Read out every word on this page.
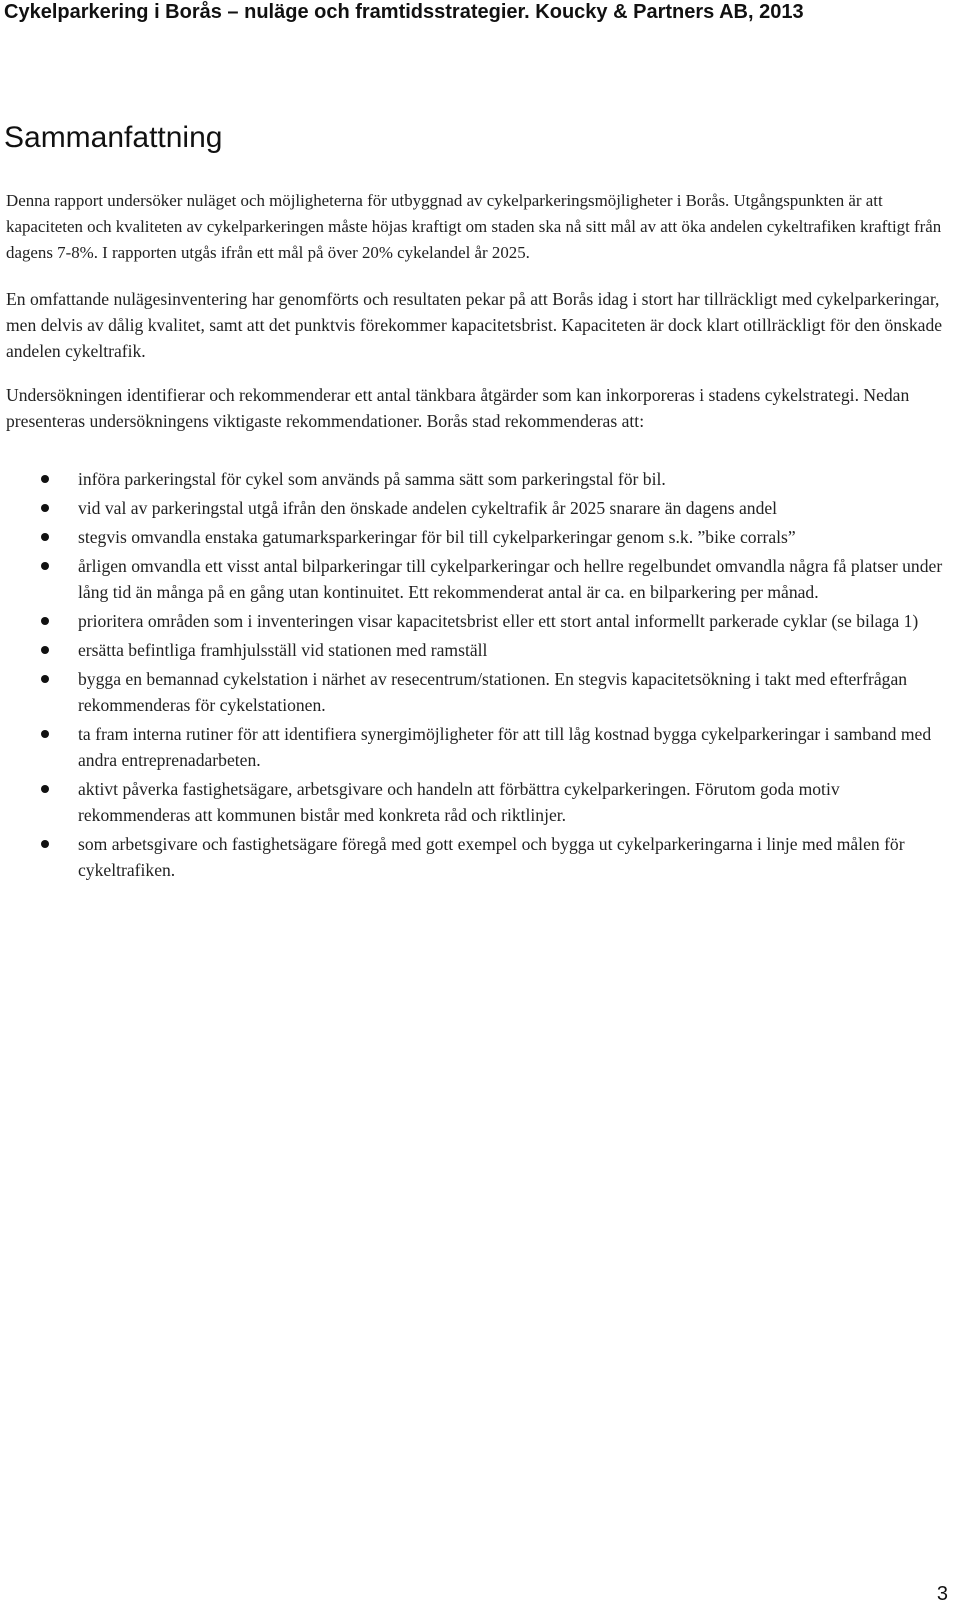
Cykelparkering i Borås – nuläge och framtidsstrategier. Koucky & Partners AB, 2013
Sammanfattning

Denna rapport undersöker nuläget och möjligheterna för utbyggnad av cykelparkeringsmöjligheter i Borås. Utgångspunkten är att kapaciteten och kvaliteten av cykelparkeringen måste höjas kraftigt om staden ska nå sitt mål av att öka andelen cykeltrafiken kraftigt från dagens 7-8%. I rapporten utgås ifrån ett mål på över 20% cykelandel år 2025.

En omfattande nulägesinventering har genomförts och resultaten pekar på att Borås idag i stort har tillräckligt med cykelparkeringar, men delvis av dålig kvalitet, samt att det punktvis förekommer kapacitetsbrist. Kapaciteten är dock klart otillräckligt för den önskade andelen cykeltrafik.

Undersökningen identifierar och rekommenderar ett antal tänkbara åtgärder som kan inkorporeras i stadens cykelstrategi. Nedan presenteras undersökningens viktigaste rekommendationer. Borås stad rekommenderas att:

införa parkeringstal för cykel som används på samma sätt som parkeringstal för bil.
vid val av parkeringstal utgå ifrån den önskade andelen cykeltrafik år 2025 snarare än dagens andel
stegvis omvandla enstaka gatumarksparkeringar för bil till cykelparkeringar genom s.k. ”bike corrals”
årligen omvandla ett visst antal bilparkeringar till cykelparkeringar och hellre regelbundet omvandla några få platser under lång tid än många på en gång utan kontinuitet. Ett rekommenderat antal är ca. en bilparkering per månad.
prioritera områden som i inventeringen visar kapacitetsbrist eller ett stort antal informellt parkerade cyklar (se bilaga 1)
ersätta befintliga framhjulsställ vid stationen med ramställ
bygga en bemannad cykelstation i närhet av resecentrum/stationen. En stegvis kapacitetsökning i takt med efterfrågan rekommenderas för cykelstationen.
ta fram interna rutiner för att identifiera synergimöjligheter för att till låg kostnad bygga cykelparkeringar i samband med andra entreprenadarbeten.
aktivt påverka fastighetsägare, arbetsgivare och handeln att förbättra cykelparkeringen. Förutom goda motiv rekommenderas att kommunen bistår med konkreta råd och riktlinjer.
som arbetsgivare och fastighetsägare föregå med gott exempel och bygga ut cykelparkeringarna i linje med målen för cykeltrafiken.
3
